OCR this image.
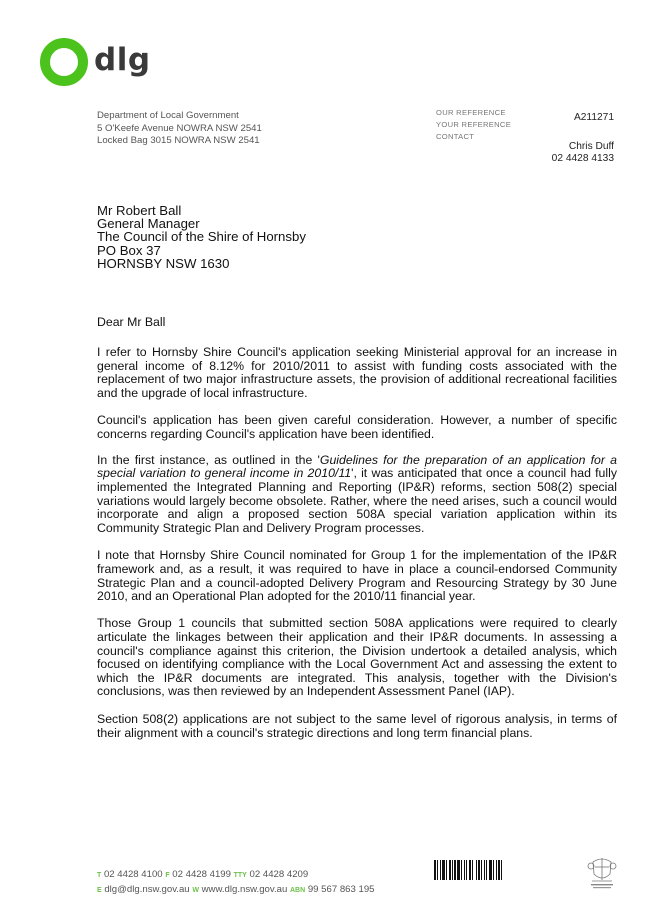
dlg
Department of Local Government
5 O'Keefe Avenue NOWRA NSW 2541
Locked Bag 3015 NOWRA NSW 2541
OUR REFERENCE
YOUR REFERENCE
CONTACT
A211271
Chris Duff
02 4428 4133
Mr Robert Ball
General Manager
The Council of the Shire of Hornsby
PO Box 37
HORNSBY NSW 1630
Dear Mr Ball

I refer to Hornsby Shire Council's application seeking Ministerial approval for an increase in general income of 8.12% for 2010/2011 to assist with funding costs associated with the replacement of two major infrastructure assets, the provision of additional recreational facilities and the upgrade of local infrastructure.

Council's application has been given careful consideration. However, a number of specific concerns regarding Council's application have been identified.

In the first instance, as outlined in the 'Guidelines for the preparation of an application for a special variation to general income in 2010/11', it was anticipated that once a council had fully implemented the Integrated Planning and Reporting (IP&R) reforms, section 508(2) special variations would largely become obsolete. Rather, where the need arises, such a council would incorporate and align a proposed section 508A special variation application within its Community Strategic Plan and Delivery Program processes.

I note that Hornsby Shire Council nominated for Group 1 for the implementation of the IP&R framework and, as a result, it was required to have in place a council-endorsed Community Strategic Plan and a council-adopted Delivery Program and Resourcing Strategy by 30 June 2010, and an Operational Plan adopted for the 2010/11 financial year.

Those Group 1 councils that submitted section 508A applications were required to clearly articulate the linkages between their application and their IP&R documents. In assessing a council's compliance against this criterion, the Division undertook a detailed analysis, which focused on identifying compliance with the Local Government Act and assessing the extent to which the IP&R documents are integrated. This analysis, together with the Division's conclusions, was then reviewed by an Independent Assessment Panel (IAP).

Section 508(2) applications are not subject to the same level of rigorous analysis, in terms of their alignment with a council's strategic directions and long term financial plans.

T 02 4428 4100 F 02 4428 4199 TTY 02 4428 4209
E dlg@dlg.nsw.gov.au W www.dlg.nsw.gov.au ABN 99 567 863 195
